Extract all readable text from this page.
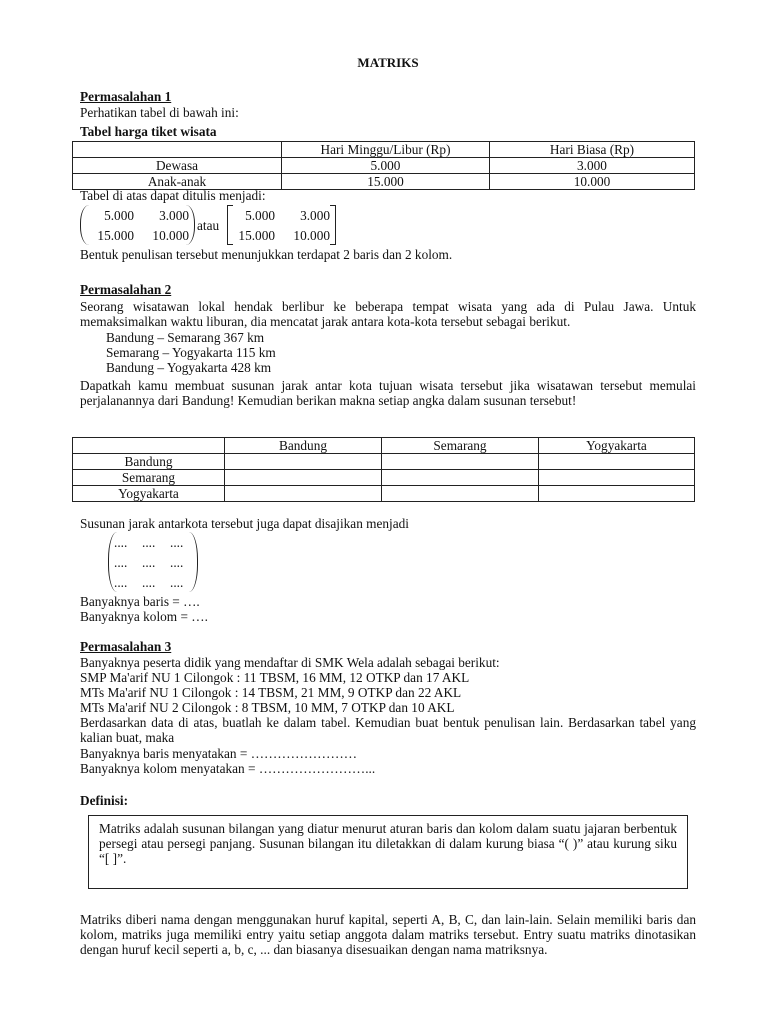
MATRIKS
Permasalahan 1
Perhatikan tabel di bawah ini:
Tabel harga tiket wisata
	Hari Minggu/Libur (Rp)	Hari Biasa (Rp)
Dewasa	5.000	3.000
Anak-anak	15.000	10.000
Tabel di atas dapat ditulis menjadi:
5.000	3.000
15.000	10.000
atau
5.000	3.000
15.000	10.000
Bentuk penulisan tersebut menunjukkan terdapat 2 baris dan 2 kolom.
Permasalahan 2
Seorang wisatawan lokal hendak berlibur ke beberapa tempat wisata yang ada di Pulau Jawa. Untuk memaksimalkan waktu liburan, dia mencatat jarak antara kota-kota tersebut sebagai berikut.
Bandung – Semarang 367 km
Semarang – Yogyakarta 115 km
Bandung – Yogyakarta 428 km
Dapatkah kamu membuat susunan jarak antar kota tujuan wisata tersebut jika wisatawan tersebut memulai perjalanannya dari Bandung! Kemudian berikan makna setiap angka dalam susunan tersebut!
	Bandung	Semarang	Yogyakarta
Bandung			
Semarang			
Yogyakarta			
Susunan jarak antarkota tersebut juga dapat disajikan menjadi
....	....	....
....	....	....
....	....	....
Banyaknya baris = ….
Banyaknya kolom = ….
Permasalahan 3
Banyaknya peserta didik yang mendaftar di SMK Wela adalah sebagai berikut:
SMP Ma'arif NU 1 Cilongok : 11 TBSM, 16 MM, 12 OTKP dan 17 AKL
MTs Ma'arif NU 1 Cilongok : 14 TBSM, 21 MM, 9 OTKP dan 22 AKL
MTs Ma'arif NU 2 Cilongok : 8 TBSM, 10 MM, 7 OTKP dan 10 AKL
Berdasarkan data di atas, buatlah ke dalam tabel. Kemudian buat bentuk penulisan lain. Berdasarkan tabel yang kalian buat, maka
Banyaknya baris menyatakan = ……………………
Banyaknya kolom menyatakan = ……………………...
Definisi:
Matriks adalah susunan bilangan yang diatur menurut aturan baris dan kolom dalam suatu jajaran berbentuk persegi atau persegi panjang. Susunan bilangan itu diletakkan di dalam kurung biasa “( )” atau kurung siku “[ ]”.
Matriks diberi nama dengan menggunakan huruf kapital, seperti A, B, C, dan lain-lain. Selain memiliki baris dan kolom, matriks juga memiliki entry yaitu setiap anggota dalam matriks tersebut. Entry suatu matriks dinotasikan dengan huruf kecil seperti a, b, c, ... dan biasanya disesuaikan dengan nama matriksnya.
